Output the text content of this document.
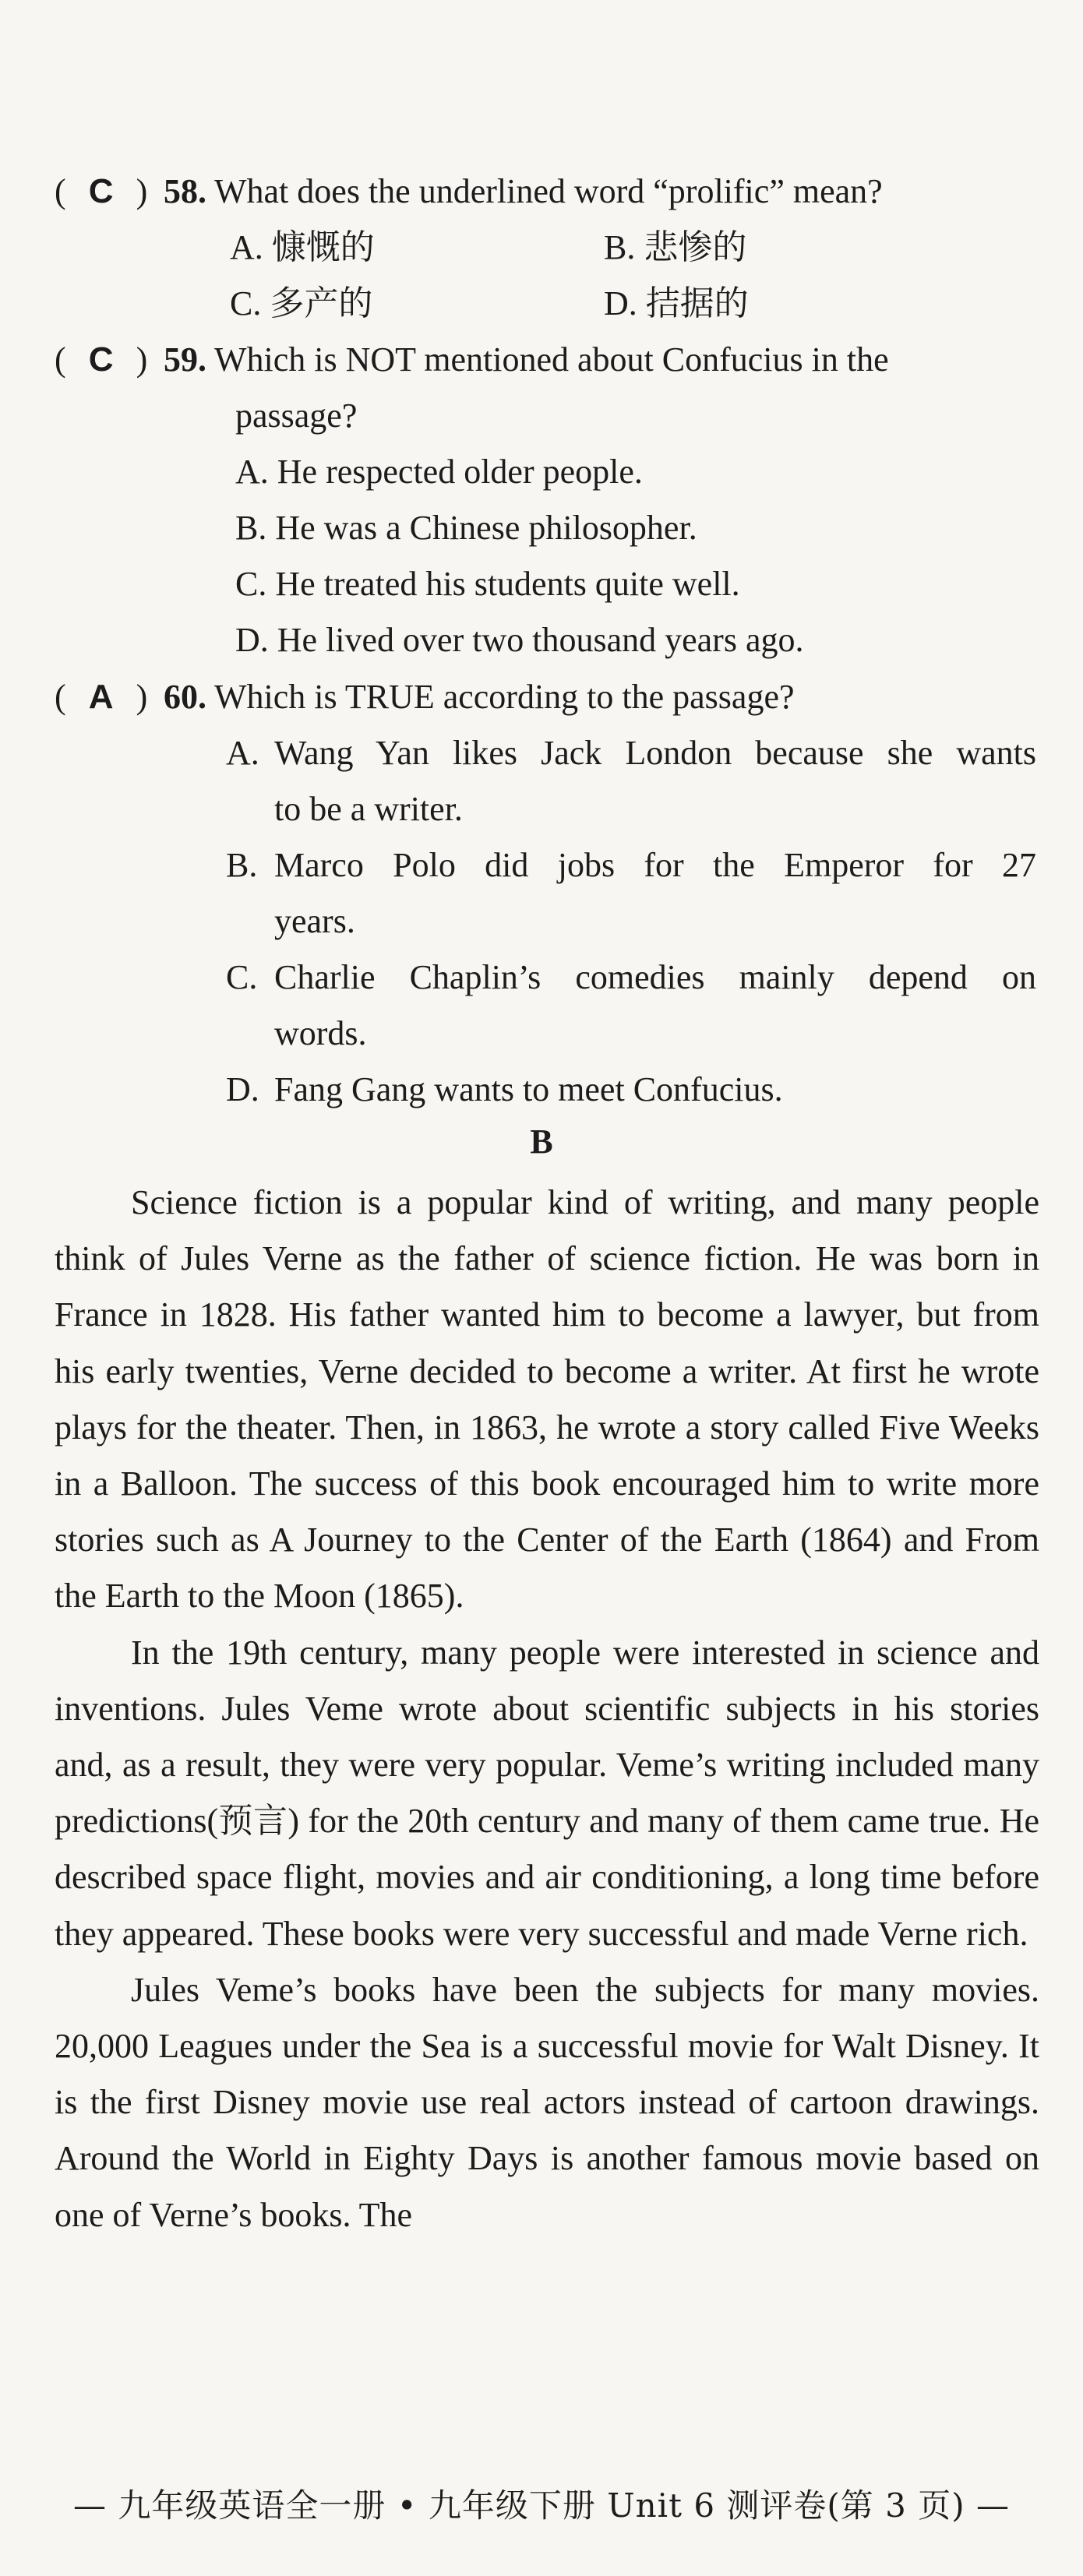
( C ) 58. What does the underlined word “prolific” mean?
A. 慷慨的	B. 悲惨的
C. 多产的	D. 拮据的
( C ) 59. Which is NOT mentioned about Confucius in the
passage?
A. He respected older people.
B. He was a Chinese philosopher.
C. He treated his students quite well.
D. He lived over two thousand years ago.
( A ) 60. Which is TRUE according to the passage?
A. Wang Yan likes Jack London because she wants
to be a writer.
B. Marco Polo did jobs for the Emperor for 27
years.
C. Charlie Chaplin’s comedies mainly depend on
words.
D. Fang Gang wants to meet Confucius.
B

Science fiction is a popular kind of writing, and many people think of Jules Verne as the father of science fiction. He was born in France in 1828. His father wanted him to become a lawyer, but from his early twenties, Verne decided to become a writer. At first he wrote plays for the theater. Then, in 1863, he wrote a story called Five Weeks in a Balloon. The success of this book encouraged him to write more stories such as A Journey to the Center of the Earth (1864) and From the Earth to the Moon (1865).

In the 19th century, many people were interested in science and inventions. Jules Veme wrote about scientific subjects in his stories and, as a result, they were very popular. Veme’s writing included many predictions(预言) for the 20th century and many of them came true. He described space flight, movies and air conditioning, a long time before they appeared. These books were very successful and made Verne rich.

Jules Veme’s books have been the subjects for many movies. 20,000 Leagues under the Sea is a successful movie for Walt Disney. It is the first Disney movie use real actors instead of cartoon drawings. Around the World in Eighty Days is another famous movie based on one of Verne’s books. The

— 九年级英语全一册 • 九年级下册 Unit 6 测评卷(第 3 页) —
